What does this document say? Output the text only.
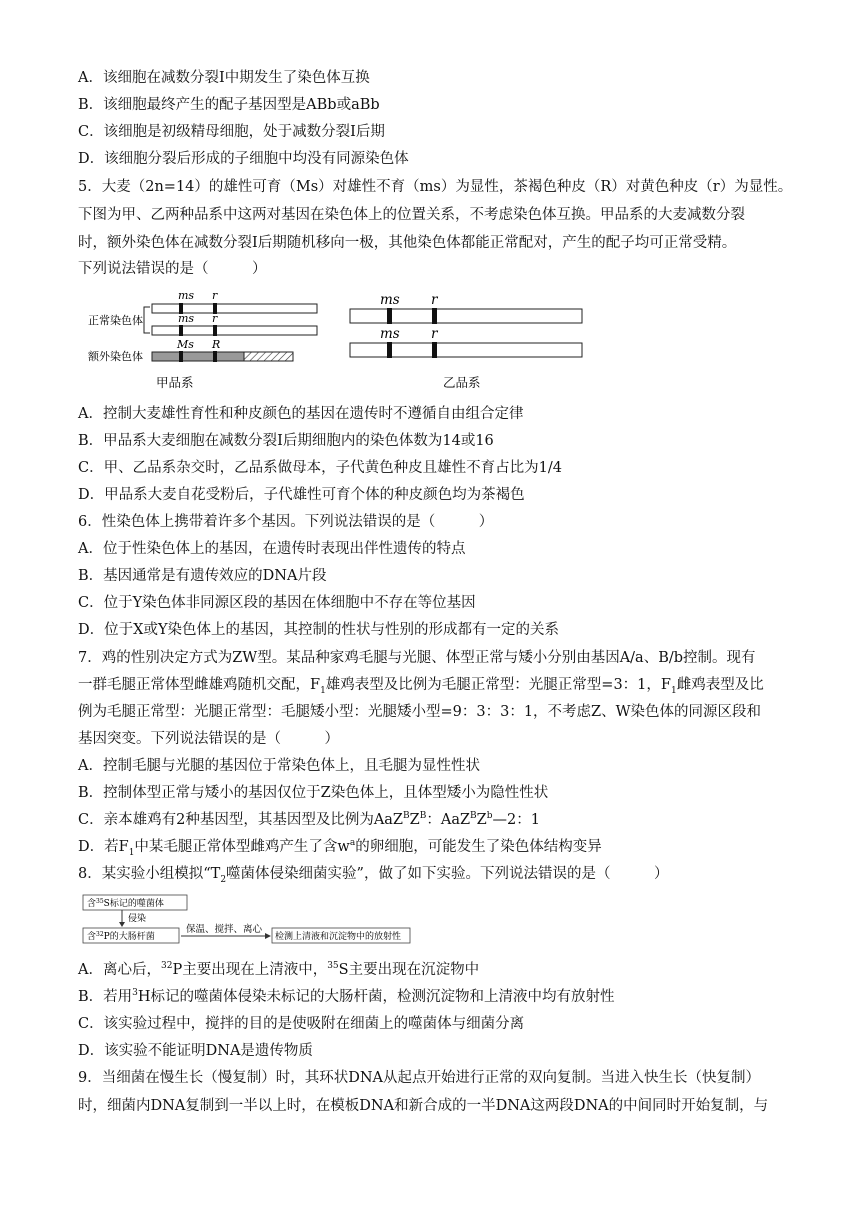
A．该细胞在减数分裂Ⅰ中期发生了染色体互换
B．该细胞最终产生的配子基因型是ABb或aBb
C．该细胞是初级精母细胞，处于减数分裂Ⅰ后期
D．该细胞分裂后形成的子细胞中均没有同源染色体
5．大麦（2n=14）的雄性可育（Ms）对雄性不育（ms）为显性，茶褐色种皮（R）对黄色种皮（r）为显性。
下图为甲、乙两种品系中这两对基因在染色体上的位置关系，不考虑染色体互换。甲品系的大麦减数分裂
时，额外染色体在减数分裂Ⅰ后期随机移向一极，其他染色体都能正常配对，产生的配子均可正常受精。
下列说法错误的是（　　　）
ms r
ms r
正常染色体
Ms R
额外染色体
甲品系
ms r
ms r
乙品系
A．控制大麦雄性育性和种皮颜色的基因在遗传时不遵循自由组合定律
B．甲品系大麦细胞在减数分裂Ⅰ后期细胞内的染色体数为14或16
C．甲、乙品系杂交时，乙品系做母本，子代黄色种皮且雄性不育占比为1/4
D．甲品系大麦自花受粉后，子代雄性可育个体的种皮颜色均为茶褐色
6．性染色体上携带着许多个基因。下列说法错误的是（　　　）
A．位于性染色体上的基因，在遗传时表现出伴性遗传的特点
B．基因通常是有遗传效应的DNA片段
C．位于Y染色体非同源区段的基因在体细胞中不存在等位基因
D．位于X或Y染色体上的基因，其控制的性状与性别的形成都有一定的关系
7．鸡的性别决定方式为ZW型。某品种家鸡毛腿与光腿、体型正常与矮小分别由基因A/a、B/b控制。现有
一群毛腿正常体型雌雄鸡随机交配，$F_1$雄鸡表型及比例为毛腿正常型：光腿正常型=3：1，$F_1$雌鸡表型及比
例为毛腿正常型：光腿正常型：毛腿矮小型：光腿矮小型=9：3：3：1，不考虑Z、W染色体的同源区段和
基因突变。下列说法错误的是（　　　）
A．控制毛腿与光腿的基因位于常染色体上，且毛腿为显性性状
B．控制体型正常与矮小的基因仅位于Z染色体上，且体型矮小为隐性性状
C．亲本雄鸡有2种基因型，其基因型及比例为$AaZ^BZ^B$：$AaZ^BZ^b—2$：1
D．若$F_1$中某毛腿正常体型雌鸡产生了含$w^a$的卵细胞，可能发生了染色体结构变异
8．某实验小组模拟“$T_2$噬菌体侵染细菌实验”，做了如下实验。下列说法错误的是（　　　）
含$^{35}$S标记的噬菌体
侵染
含$^{32}$P的大肠杆菌
保温、搅拌、离心
检测上清液和沉淀物中的放射性
A．离心后，$^{32}$P主要出现在上清液中，$^{35}$S主要出现在沉淀物中
B．若用$^3$H标记的噬菌体侵染未标记的大肠杆菌，检测沉淀物和上清液中均有放射性
C．该实验过程中，搅拌的目的是使吸附在细菌上的噬菌体与细菌分离
D．该实验不能证明DNA是遗传物质
9．当细菌在慢生长（慢复制）时，其环状DNA从起点开始进行正常的双向复制。当进入快生长（快复制）
时，细菌内DNA复制到一半以上时，在模板DNA和新合成的一半DNA这两段DNA的中间同时开始复制，与
